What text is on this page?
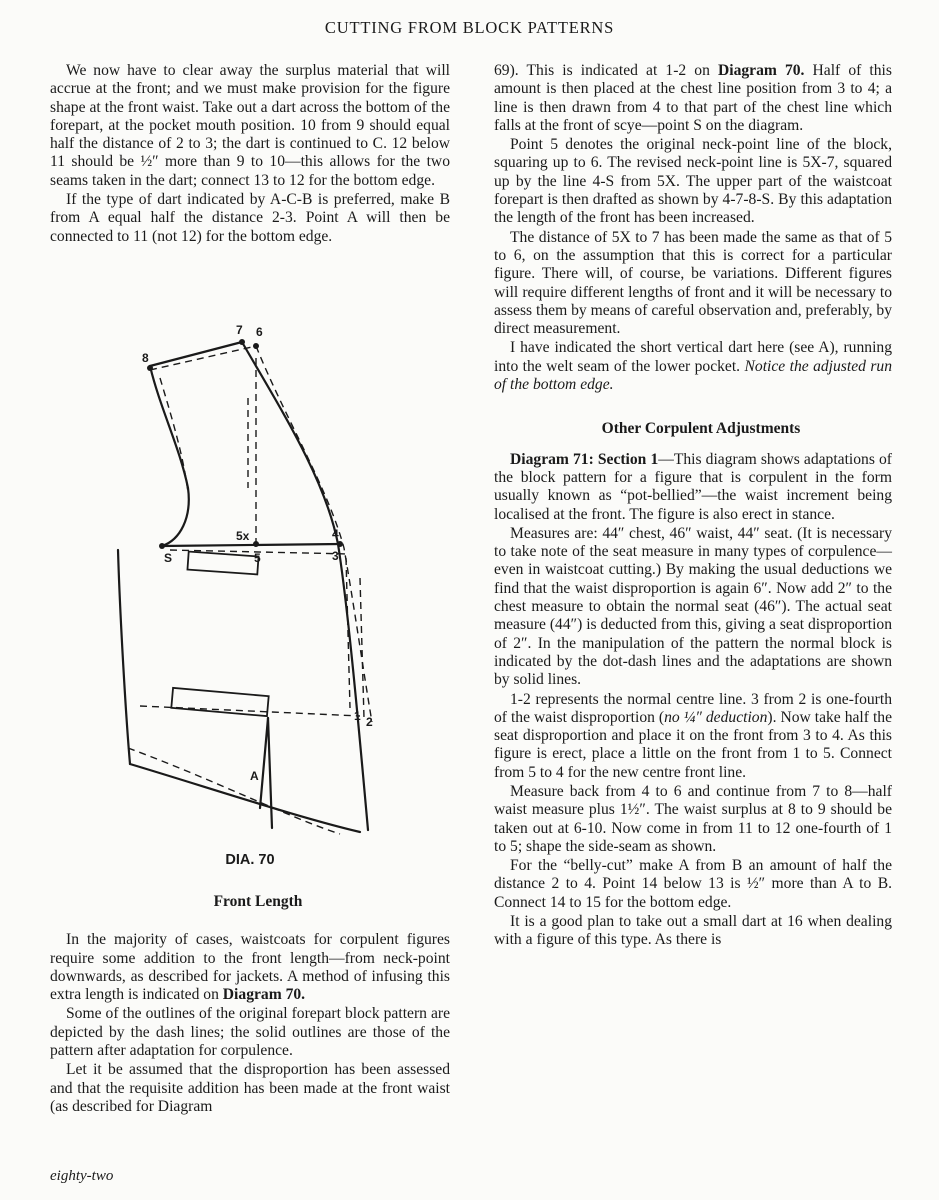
CUTTING FROM BLOCK PATTERNS

We now have to clear away the surplus material that will accrue at the front; and we must make provision for the figure shape at the front waist. Take out a dart across the bottom of the forepart, at the pocket mouth position. 10 from 9 should equal half the distance of 2 to 3; the dart is continued to C. 12 below 11 should be ½″ more than 9 to 10—this allows for the two seams taken in the dart; connect 13 to 12 for the bottom edge.

If the type of dart indicated by A-C-B is preferred, make B from A equal half the distance 2-3. Point A will then be connected to 11 (not 12) for the bottom edge.

8
7 6
S
5x
5
4
3
1 2
A
DIA. 70

Front Length

In the majority of cases, waistcoats for corpulent figures require some addition to the front length—from neck-point downwards, as described for jackets. A method of infusing this extra length is indicated on Diagram 70.

Some of the outlines of the original forepart block pattern are depicted by the dash lines; the solid outlines are those of the pattern after adaptation for corpulence.

Let it be assumed that the disproportion has been assessed and that the requisite addition has been made at the front waist (as described for Diagram

69). This is indicated at 1-2 on Diagram 70. Half of this amount is then placed at the chest line position from 3 to 4; a line is then drawn from 4 to that part of the chest line which falls at the front of scye—point S on the diagram.

Point 5 denotes the original neck-point line of the block, squaring up to 6. The revised neck-point line is 5X-7, squared up by the line 4-S from 5X. The upper part of the waistcoat forepart is then drafted as shown by 4-7-8-S. By this adaptation the length of the front has been increased.

The distance of 5X to 7 has been made the same as that of 5 to 6, on the assumption that this is correct for a particular figure. There will, of course, be variations. Different figures will require different lengths of front and it will be necessary to assess them by means of careful observation and, preferably, by direct measurement.

I have indicated the short vertical dart here (see A), running into the welt seam of the lower pocket. Notice the adjusted run of the bottom edge.

Other Corpulent Adjustments

Diagram 71: Section 1—This diagram shows adaptations of the block pattern for a figure that is corpulent in the form usually known as “pot-bellied”—the waist increment being localised at the front. The figure is also erect in stance.

Measures are: 44″ chest, 46″ waist, 44″ seat. (It is necessary to take note of the seat measure in many types of corpulence—even in waistcoat cutting.) By making the usual deductions we find that the waist disproportion is again 6″. Now add 2″ to the chest measure to obtain the normal seat (46″). The actual seat measure (44″) is deducted from this, giving a seat disproportion of 2″. In the manipulation of the pattern the normal block is indicated by the dot-dash lines and the adaptations are shown by solid lines.

1-2 represents the normal centre line. 3 from 2 is one-fourth of the waist disproportion (no ¼″ deduction). Now take half the seat disproportion and place it on the front from 3 to 4. As this figure is erect, place a little on the front from 1 to 5. Connect from 5 to 4 for the new centre front line.

Measure back from 4 to 6 and continue from 7 to 8—half waist measure plus 1½″. The waist surplus at 8 to 9 should be taken out at 6-10. Now come in from 11 to 12 one-fourth of 1 to 5; shape the side-seam as shown.

For the “belly-cut” make A from B an amount of half the distance 2 to 4. Point 14 below 13 is ½″ more than A to B. Connect 14 to 15 for the bottom edge.

It is a good plan to take out a small dart at 16 when dealing with a figure of this type. As there is

eighty-two
